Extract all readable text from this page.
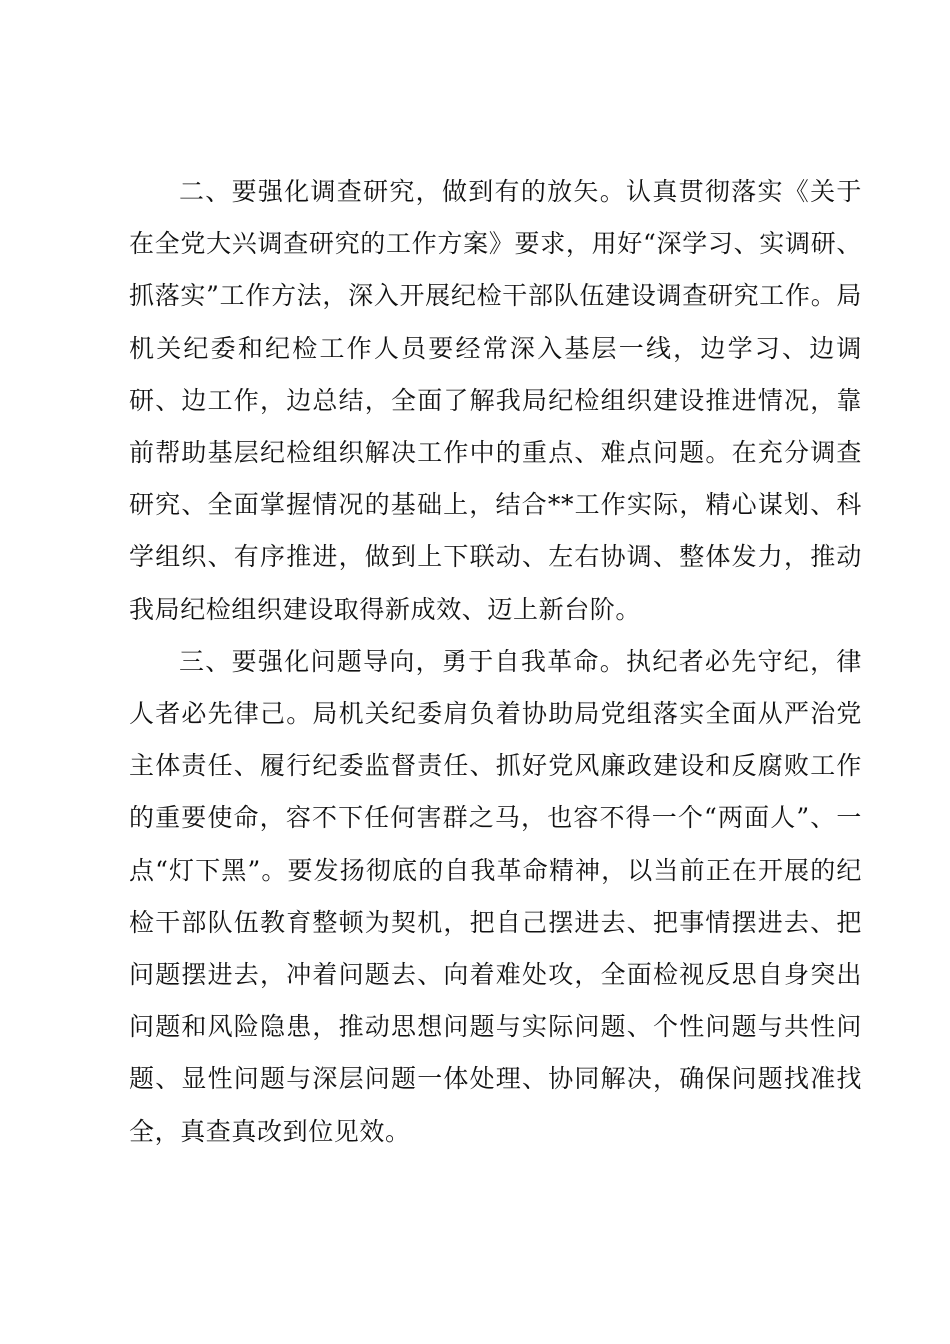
二、要强化调查研究，做到有的放矢。认真贯彻落实《关于在全党大兴调查研究的工作方案》要求，用好“深学习、实调研、抓落实”工作方法，深入开展纪检干部队伍建设调查研究工作。局机关纪委和纪检工作人员要经常深入基层一线，边学习、边调研、边工作，边总结，全面了解我局纪检组织建设推进情况，靠前帮助基层纪检组织解决工作中的重点、难点问题。在充分调查研究、全面掌握情况的基础上，结合**工作实际，精心谋划、科学组织、有序推进，做到上下联动、左右协调、整体发力，推动我局纪检组织建设取得新成效、迈上新台阶。

三、要强化问题导向，勇于自我革命。执纪者必先守纪，律人者必先律己。局机关纪委肩负着协助局党组落实全面从严治党主体责任、履行纪委监督责任、抓好党风廉政建设和反腐败工作的重要使命，容不下任何害群之马，也容不得一个“两面人”、一点“灯下黑”。要发扬彻底的自我革命精神，以当前正在开展的纪检干部队伍教育整顿为契机，把自己摆进去、把事情摆进去、把问题摆进去，冲着问题去、向着难处攻，全面检视反思自身突出问题和风险隐患，推动思想问题与实际问题、个性问题与共性问题、显性问题与深层问题一体处理、协同解决，确保问题找准找全，真查真改到位见效。
